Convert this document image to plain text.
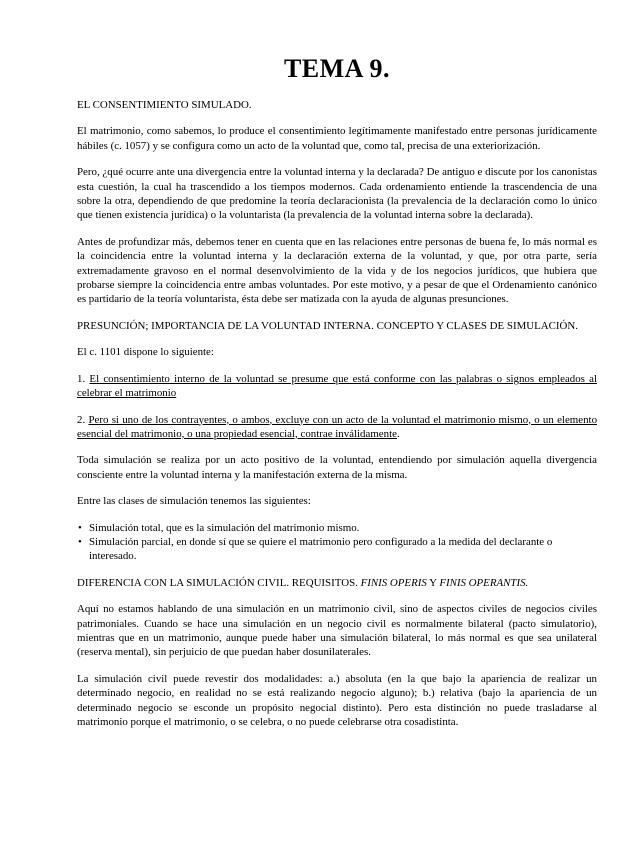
TEMA 9.
EL CONSENTIMIENTO SIMULADO.
El matrimonio, como sabemos, lo produce el consentimiento legítimamente manifestado entre personas jurídicamente hábiles (c. 1057) y se configura como un acto de la voluntad que, como tal, precisa de una exteriorización.
Pero, ¿qué ocurre ante una divergencia entre la voluntad interna y la declarada? De antiguo e discute por los canonistas esta cuestión, la cual ha trascendido a los tiempos modernos. Cada ordenamiento entiende la trascendencia de una sobre la otra, dependiendo de que predomine la teoría declaracionista (la prevalencia de la declaración como lo único que tienen existencia jurídica) o la voluntarista (la prevalencia de la voluntad interna sobre la declarada).
Antes de profundizar más, debemos tener en cuenta que en las relaciones entre personas de buena fe, lo más normal es la coincidencia entre la voluntad interna y la declaración externa de la voluntad, y que, por otra parte, sería extremadamente gravoso en el normal desenvolvimiento de la vida y de los negocios jurídicos, que hubiera que probarse siempre la coincidencia entre ambas voluntades. Por este motivo, y a pesar de que el Ordenamiento canónico es partidario de la teoría voluntarista, ésta debe ser matizada con la ayuda de algunas presunciones.
PRESUNCIÓN; IMPORTANCIA DE LA VOLUNTAD INTERNA. CONCEPTO Y CLASES DE SIMULACIÓN.
El c. 1101 dispone lo siguiente:
1. El consentimiento interno de la voluntad se presume que está conforme con las palabras o signos empleados al celebrar el matrimonio
2. Pero si uno de los contrayentes, o ambos, excluye con un acto de la voluntad el matrimonio mismo, o un elemento esencial del matrimonio, o una propiedad esencial, contrae inválidamente.
Toda simulación se realiza por un acto positivo de la voluntad, entendiendo por simulación aquella divergencia consciente entre la voluntad interna y la manifestación externa de la misma.
Entre las clases de simulación tenemos las siguientes:
• Simulación total, que es la simulación del matrimonio mismo.
• Simulación parcial, en donde sí que se quiere el matrimonio pero configurado a la medida del declarante o interesado.
DIFERENCIA CON LA SIMULACIÓN CIVIL. REQUISITOS. FINIS OPERIS Y FINIS OPERANTIS.
Aquí no estamos hablando de una simulación en un matrimonio civil, sino de aspectos civiles de negocios civiles patrimoniales. Cuando se hace una simulación en un negocio civil es normalmente bilateral (pacto simulatorio), mientras que en un matrimonio, aunque puede haber una simulación bilateral, lo más normal es que sea unilateral (reserva mental), sin perjuicio de que puedan haber dosunilaterales.
La simulación civil puede revestir dos modalidades: a.) absoluta (en la que bajo la apariencia de realizar un determinado negocio, en realidad no se está realizando negocio alguno); b.) relativa (bajo la apariencia de un determinado negocio se esconde un propósito negocial distinto). Pero esta distinción no puede trasladarse al matrimonio porque el matrimonio, o se celebra, o no puede celebrarse otra cosadistinta.
